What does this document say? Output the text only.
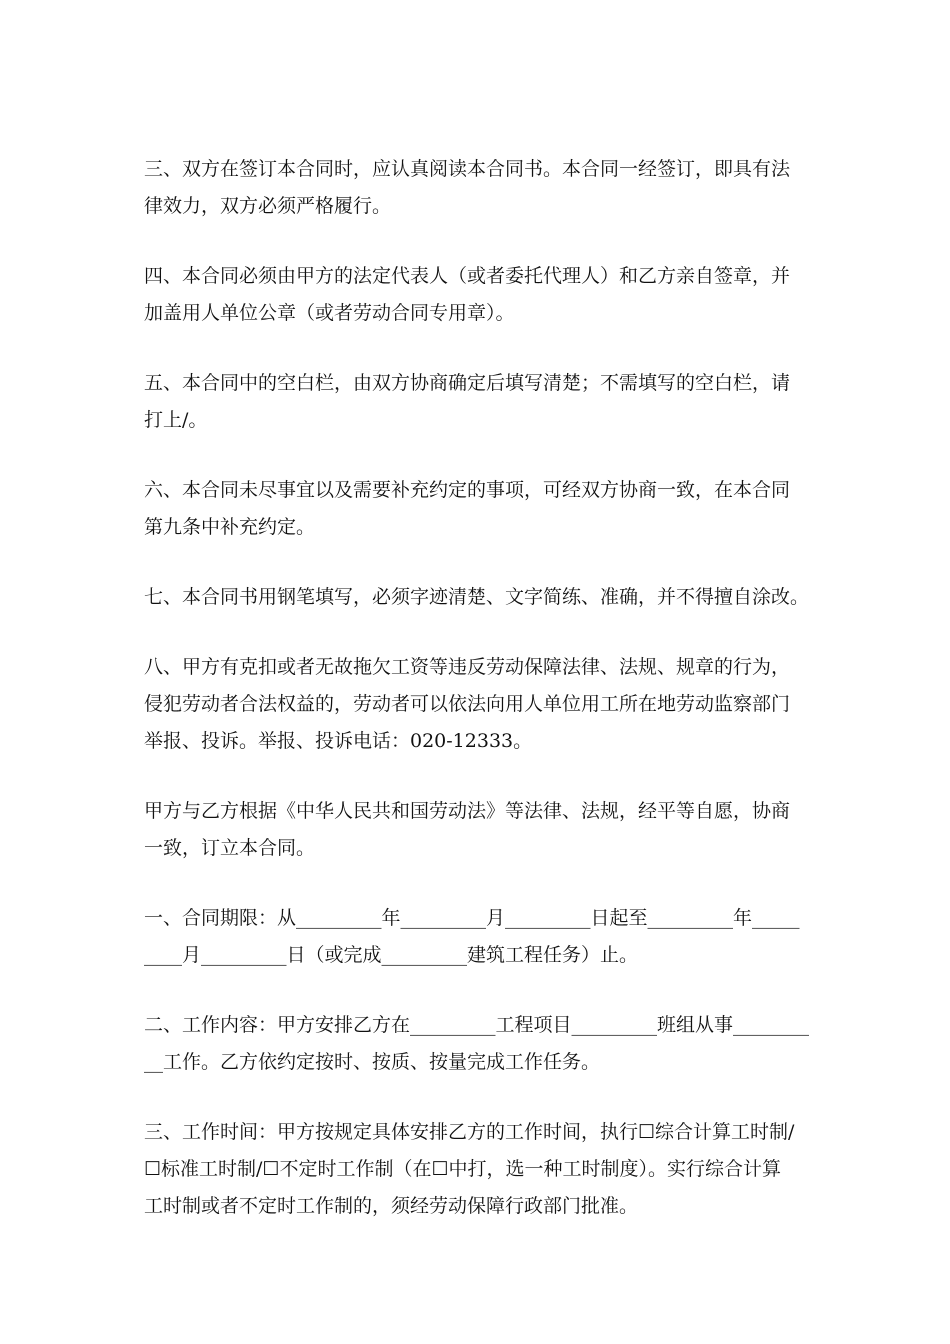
三、双方在签订本合同时，应认真阅读本合同书。本合同一经签订，即具有法
律效力，双方必须严格履行。

四、本合同必须由甲方的法定代表人（或者委托代理人）和乙方亲自签章，并
加盖用人单位公章（或者劳动合同专用章）。

五、本合同中的空白栏，由双方协商确定后填写清楚；不需填写的空白栏，请
打上/。

六、本合同未尽事宜以及需要补充约定的事项，可经双方协商一致，在本合同
第九条中补充约定。

七、本合同书用钢笔填写，必须字迹清楚、文字简练、准确，并不得擅自涂改。

八、甲方有克扣或者无故拖欠工资等违反劳动保障法律、法规、规章的行为，
侵犯劳动者合法权益的，劳动者可以依法向用人单位用工所在地劳动监察部门
举报、投诉。举报、投诉电话：020-12333。

甲方与乙方根据《中华人民共和国劳动法》等法律、法规，经平等自愿，协商
一致，订立本合同。

一、合同期限：从_________年_________月_________日起至_________年_____
____月_________日（或完成_________建筑工程任务）止。

二、工作内容：甲方安排乙方在_________工程项目_________班组从事________
__工作。乙方依约定按时、按质、按量完成工作任务。

三、工作时间：甲方按规定具体安排乙方的工作时间，执行☐综合计算工时制/
☐标准工时制/☐不定时工作制（在☐中打，选一种工时制度）。实行综合计算
工时制或者不定时工作制的，须经劳动保障行政部门批准。
